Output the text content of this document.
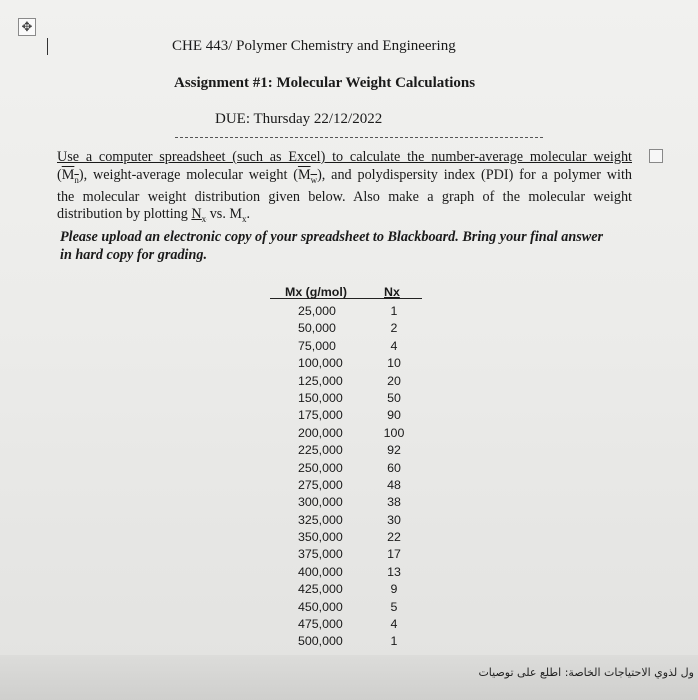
✥
CHE 443/ Polymer Chemistry and Engineering
Assignment #1: Molecular Weight Calculations
DUE: Thursday 22/12/2022
Use a computer spreadsheet (such as Excel) to calculate the number-average molecular weight
$(M_n)$, weight-average molecular weight $(M_w)$, and polydispersity index (PDI) for a polymer with
the molecular weight distribution given below. Also make a graph of the molecular weight
distribution by plotting $N_x$ vs. $M_x$.
Please upload an electronic copy of your spreadsheet to Blackboard. Bring your final answer
in hard copy for grading.
Mx (g/mol)	Nx
25,000	1
50,000	2
75,000	4
100,000	10
125,000	20
150,000	50
175,000	90
200,000	100
225,000	92
250,000	60
275,000	48
300,000	38
325,000	30
350,000	22
375,000	17
400,000	13
425,000	9
450,000	5
475,000	4
500,000	1
ول لذوي الاحتياجات الخاصة: اطلع على توصيات
